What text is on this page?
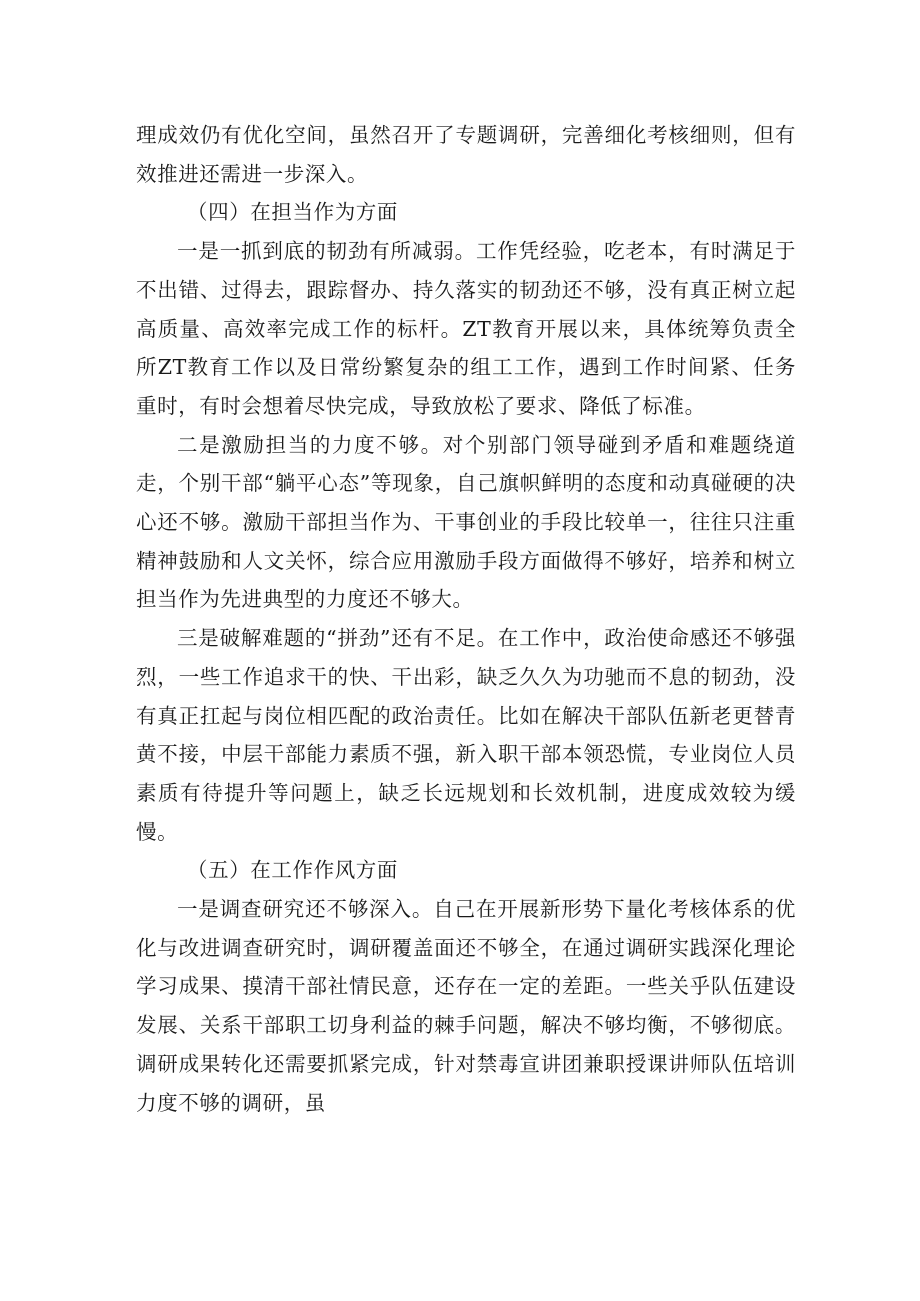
理成效仍有优化空间，虽然召开了专题调研，完善细化考核细则，但有效推进还需进一步深入。

（四）在担当作为方面

一是一抓到底的韧劲有所减弱。工作凭经验，吃老本，有时满足于不出错、过得去，跟踪督办、持久落实的韧劲还不够，没有真正树立起高质量、高效率完成工作的标杆。ZT教育开展以来，具体统筹负责全所ZT教育工作以及日常纷繁复杂的组工工作，遇到工作时间紧、任务重时，有时会想着尽快完成，导致放松了要求、降低了标准。

二是激励担当的力度不够。对个别部门领导碰到矛盾和难题绕道走，个别干部“躺平心态”等现象，自己旗帜鲜明的态度和动真碰硬的决心还不够。激励干部担当作为、干事创业的手段比较单一，往往只注重精神鼓励和人文关怀，综合应用激励手段方面做得不够好，培养和树立担当作为先进典型的力度还不够大。

三是破解难题的“拼劲”还有不足。在工作中，政治使命感还不够强烈，一些工作追求干的快、干出彩，缺乏久久为功驰而不息的韧劲，没有真正扛起与岗位相匹配的政治责任。比如在解决干部队伍新老更替青黄不接，中层干部能力素质不强，新入职干部本领恐慌，专业岗位人员素质有待提升等问题上，缺乏长远规划和长效机制，进度成效较为缓慢。

（五）在工作作风方面

一是调查研究还不够深入。自己在开展新形势下量化考核体系的优化与改进调查研究时，调研覆盖面还不够全，在通过调研实践深化理论学习成果、摸清干部社情民意，还存在一定的差距。一些关乎队伍建设发展、关系干部职工切身利益的棘手问题，解决不够均衡，不够彻底。调研成果转化还需要抓紧完成，针对禁毒宣讲团兼职授课讲师队伍培训力度不够的调研，虽
